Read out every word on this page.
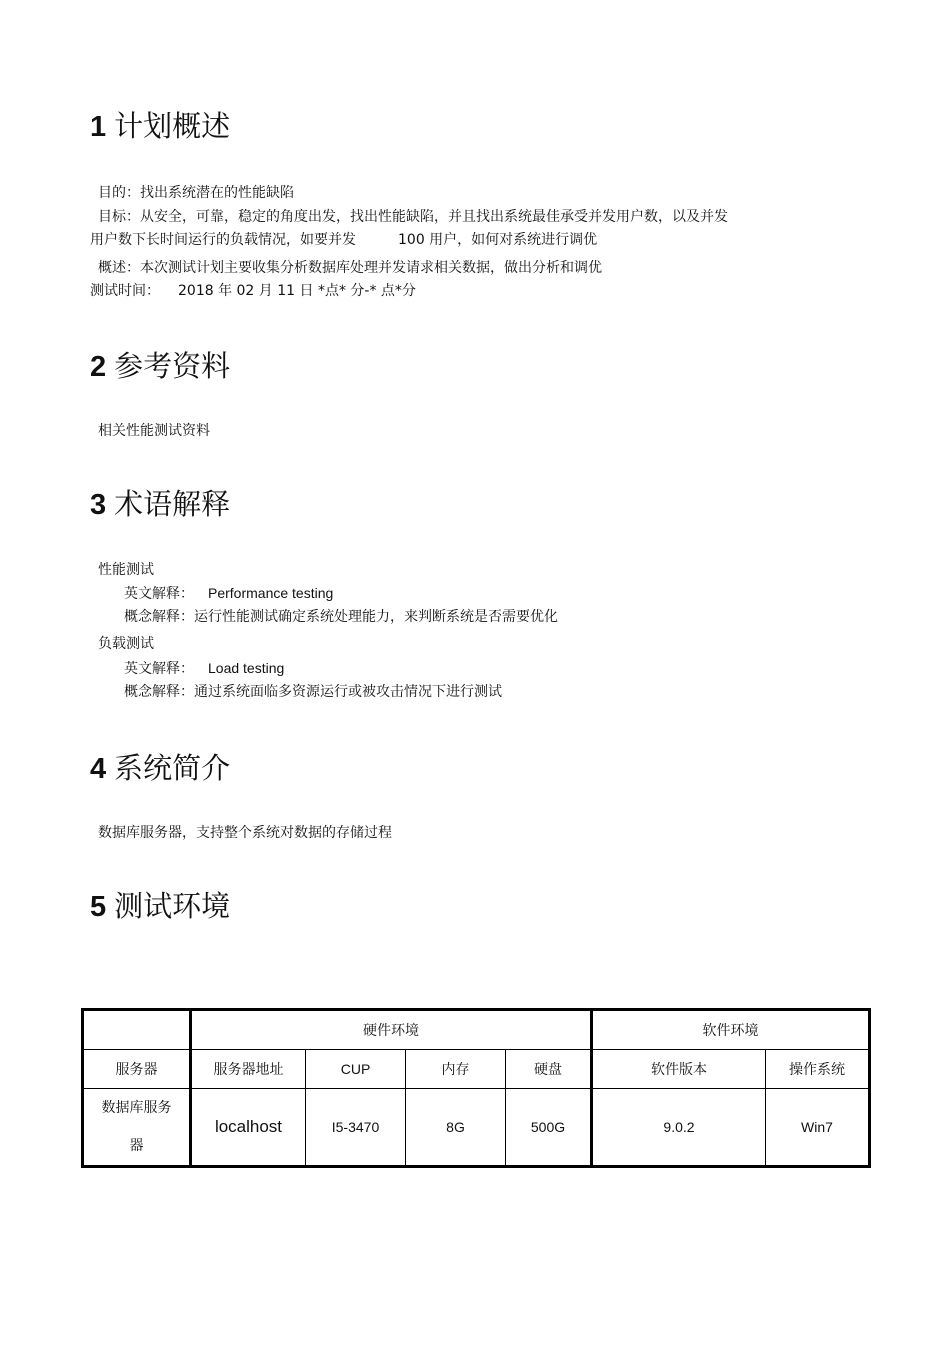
1 计划概述
目的：找出系统潜在的性能缺陷
目标：从安全，可靠，稳定的角度出发，找出性能缺陷，并且找出系统最佳承受并发用户数，以及并发
用户数下长时间运行的负载情况，如要并发	100 用户，如何对系统进行调优
概述：本次测试计划主要收集分析数据库处理并发请求相关数据，做出分析和调优
测试时间： 2018 年 02 月 11 日 *点* 分-* 点*分
2 参考资料
相关性能测试资料
3 术语解释
性能测试
英文解释： Performance testing
概念解释：运行性能测试确定系统处理能力，来判断系统是否需要优化
负载测试
英文解释： Load testing
概念解释：通过系统面临多资源运行或被攻击情况下进行测试
4 系统简介
数据库服务器，支持整个系统对数据的存储过程
5 测试环境
	硬件环境				软件环境	
服务器	服务器地址	CUP	内存	硬盘	软件版本	操作系统
数据库服务 器	localhost	I5-3470	8G	500G	9.0.2	Win7
